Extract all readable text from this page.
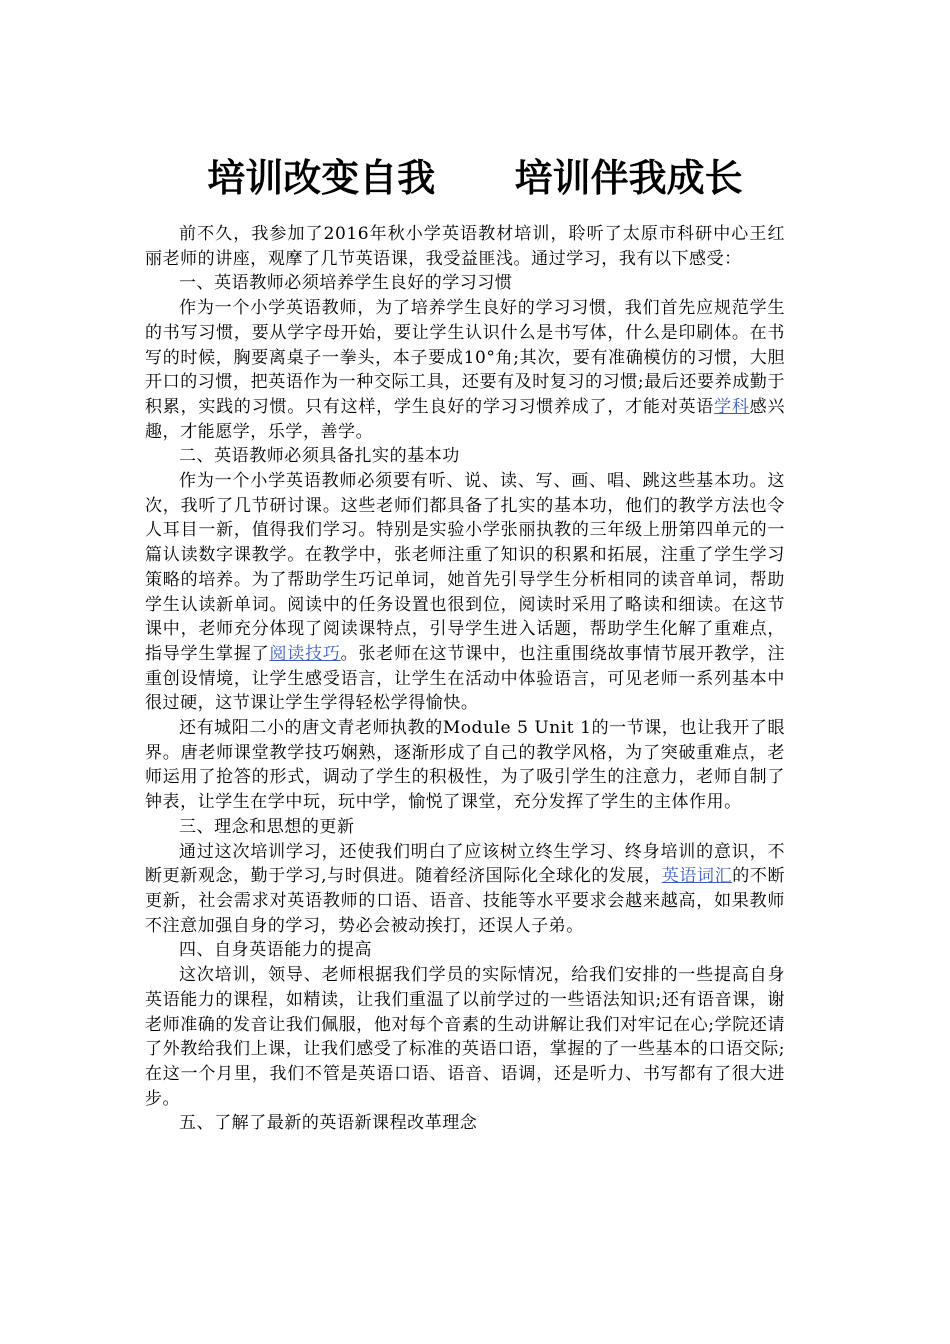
培训改变自我      培训伴我成长

前不久，我参加了2016年秋小学英语教材培训，聆听了太原市科研中心王红丽老师的讲座，观摩了几节英语课，我受益匪浅。通过学习，我有以下感受：

一、英语教师必须培养学生良好的学习习惯

作为一个小学英语教师，为了培养学生良好的学习习惯，我们首先应规范学生的书写习惯，要从学字母开始，要让学生认识什么是书写体，什么是印刷体。在书写的时候，胸要离桌子一拳头，本子要成10°角;其次，要有准确模仿的习惯，大胆开口的习惯，把英语作为一种交际工具，还要有及时复习的习惯;最后还要养成勤于积累，实践的习惯。只有这样，学生良好的学习习惯养成了，才能对英语学科感兴趣，才能愿学，乐学，善学。

二、英语教师必须具备扎实的基本功

作为一个小学英语教师必须要有听、说、读、写、画、唱、跳这些基本功。这次，我听了几节研讨课。这些老师们都具备了扎实的基本功，他们的教学方法也令人耳目一新，值得我们学习。特别是实验小学张丽执教的三年级上册第四单元的一篇认读数字课教学。在教学中，张老师注重了知识的积累和拓展，注重了学生学习策略的培养。为了帮助学生巧记单词，她首先引导学生分析相同的读音单词，帮助学生认读新单词。阅读中的任务设置也很到位，阅读时采用了略读和细读。在这节课中，老师充分体现了阅读课特点，引导学生进入话题，帮助学生化解了重难点，指导学生掌握了阅读技巧。张老师在这节课中，也注重围绕故事情节展开教学，注重创设情境，让学生感受语言，让学生在活动中体验语言，可见老师一系列基本中很过硬，这节课让学生学得轻松学得愉快。

还有城阳二小的唐文青老师执教的Module 5 Unit 1的一节课，也让我开了眼界。唐老师课堂教学技巧娴熟，逐渐形成了自己的教学风格，为了突破重难点，老师运用了抢答的形式，调动了学生的积极性，为了吸引学生的注意力，老师自制了钟表，让学生在学中玩，玩中学，愉悦了课堂，充分发挥了学生的主体作用。

三、理念和思想的更新

通过这次培训学习，还使我们明白了应该树立终生学习、终身培训的意识，不断更新观念，勤于学习,与时俱进。随着经济国际化全球化的发展，英语词汇的不断更新，社会需求对英语教师的口语、语音、技能等水平要求会越来越高，如果教师不注意加强自身的学习，势必会被动挨打，还误人子弟。

四、自身英语能力的提高

这次培训，领导、老师根据我们学员的实际情况，给我们安排的一些提高自身英语能力的课程，如精读，让我们重温了以前学过的一些语法知识;还有语音课，谢老师准确的发音让我们佩服，他对每个音素的生动讲解让我们对牢记在心;学院还请了外教给我们上课，让我们感受了标准的英语口语，掌握的了一些基本的口语交际;在这一个月里，我们不管是英语口语、语音、语调，还是听力、书写都有了很大进步。

五、了解了最新的英语新课程改革理念
